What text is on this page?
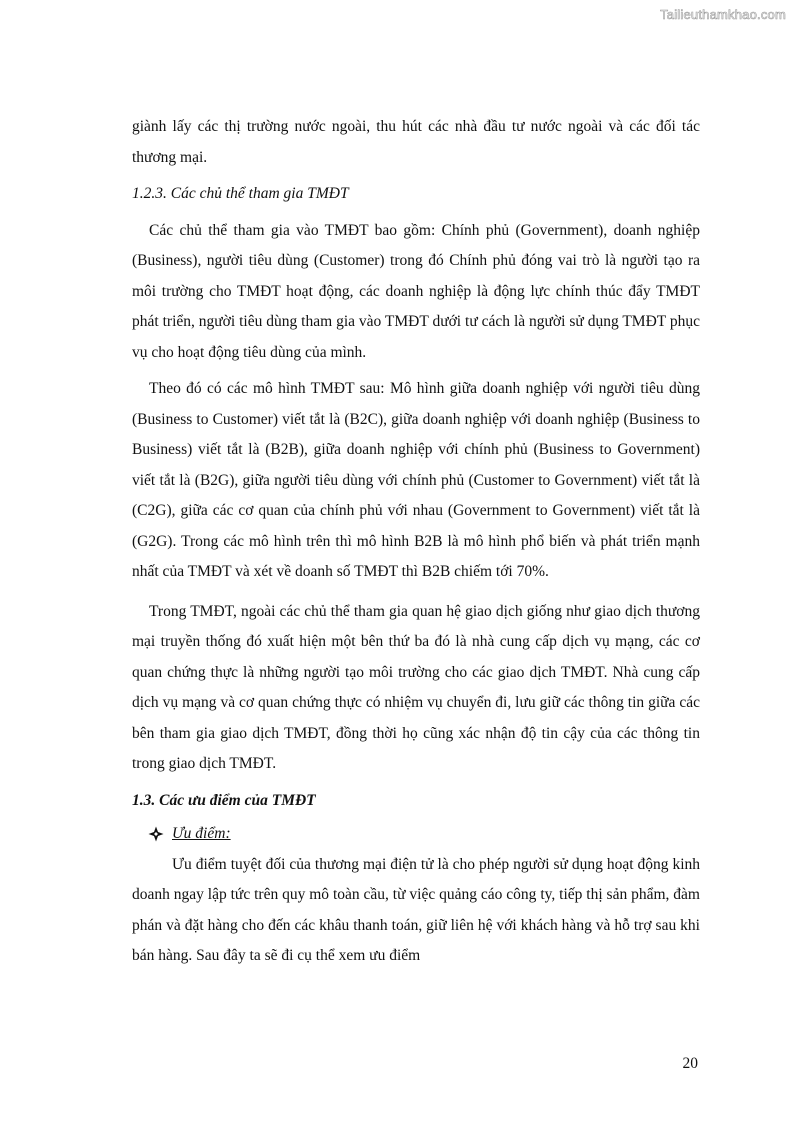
Tailieuthamkhao.com

giành lấy các thị trường nước ngoài, thu hút các nhà đầu tư nước ngoài và các đối tác thương mại.

1.2.3. Các chủ thể tham gia TMĐT

Các chủ thể tham gia vào TMĐT bao gồm: Chính phủ (Government), doanh nghiệp (Business), người tiêu dùng (Customer) trong đó Chính phủ đóng vai trò là người tạo ra môi trường cho TMĐT hoạt động, các doanh nghiệp là động lực chính thúc đẩy TMĐT phát triển, người tiêu dùng tham gia vào TMĐT dưới tư cách là người sử dụng TMĐT phục vụ cho hoạt động tiêu dùng của mình.

Theo đó có các mô hình TMĐT sau: Mô hình giữa doanh nghiệp với người tiêu dùng (Business to Customer) viết tắt là (B2C), giữa doanh nghiệp với doanh nghiệp (Business to Business) viết tắt là (B2B), giữa doanh nghiệp với chính phủ (Business to Government) viết tắt là (B2G), giữa người tiêu dùng với chính phủ (Customer to Government) viết tắt là (C2G), giữa các cơ quan của chính phủ với nhau (Government to Government) viết tắt là (G2G). Trong các mô hình trên thì mô hình B2B là mô hình phổ biến và phát triển mạnh nhất của TMĐT và xét về doanh số TMĐT thì B2B chiếm tới 70%.

Trong TMĐT, ngoài các chủ thể tham gia quan hệ giao dịch giống như giao dịch thương mại truyền thống đó xuất hiện một bên thứ ba đó là nhà cung cấp dịch vụ mạng, các cơ quan chứng thực là những người tạo môi trường cho các giao dịch TMĐT. Nhà cung cấp dịch vụ mạng và cơ quan chứng thực có nhiệm vụ chuyển đi, lưu giữ các thông tin giữa các bên tham gia giao dịch TMĐT, đồng thời họ cũng xác nhận độ tin cậy của các thông tin trong giao dịch TMĐT.

1.3. Các ưu điểm của TMĐT

Ưu điểm:

Ưu điểm tuyệt đối của thương mại điện tử là cho phép người sử dụng hoạt động kinh doanh ngay lập tức trên quy mô toàn cầu, từ việc quảng cáo công ty, tiếp thị sản phẩm, đàm phán và đặt hàng cho đến các khâu thanh toán, giữ liên hệ với khách hàng và hỗ trợ sau khi bán hàng. Sau đây ta sẽ đi cụ thể xem ưu điểm

20
